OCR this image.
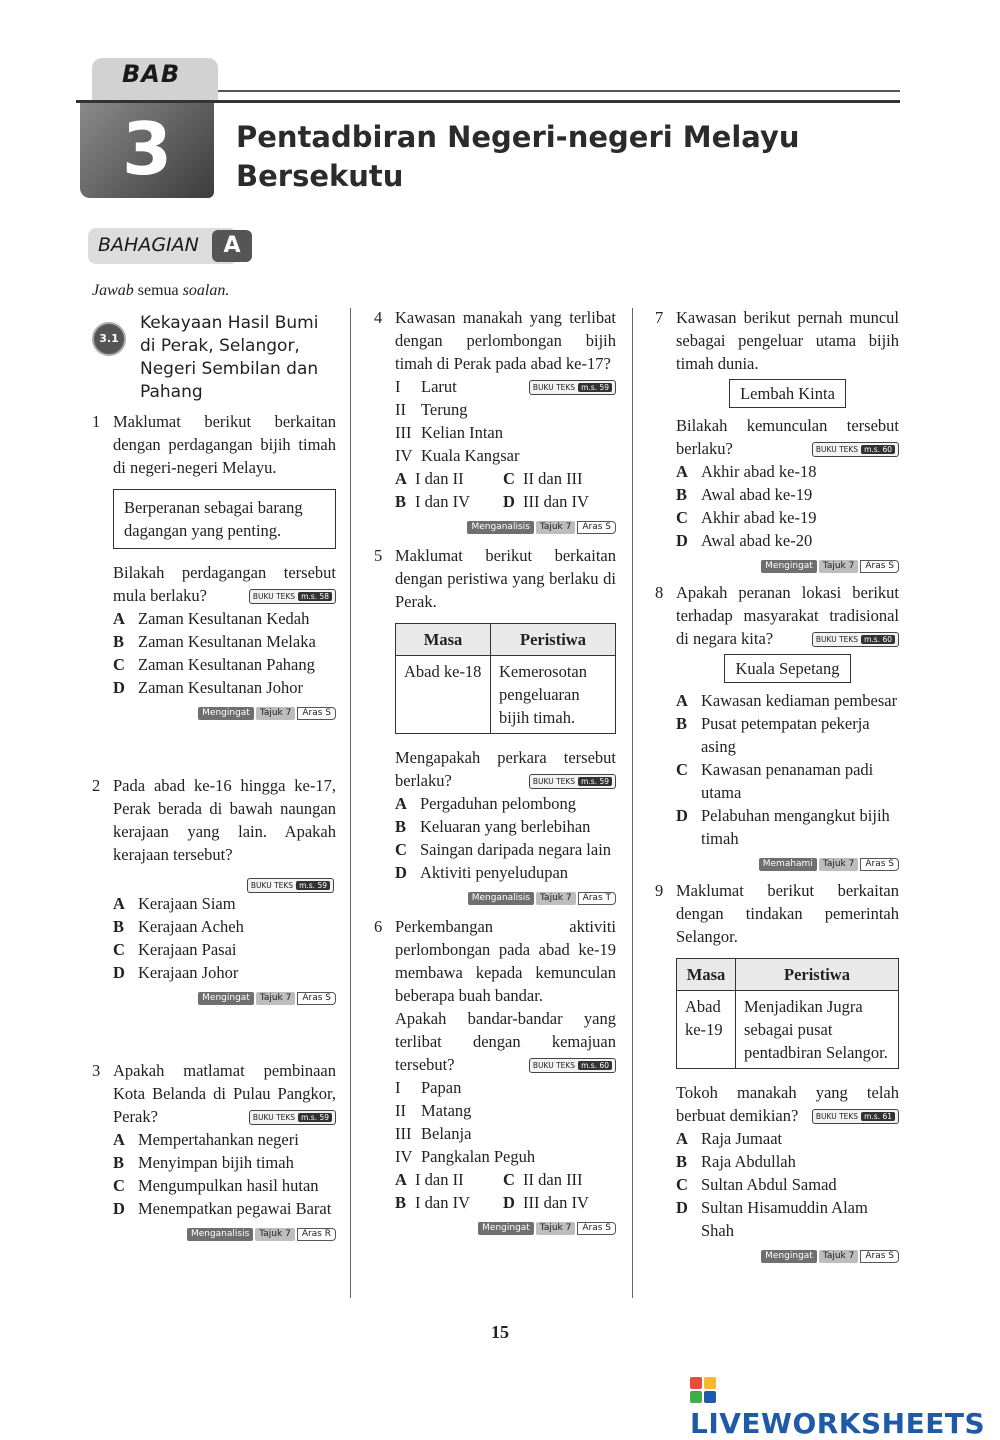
BAB
3	Pentadbiran Negeri-negeri Melayu
Bersekutu
BAHAGIAN	A
Jawab semua soalan.
3.1
Kekayaan Hasil Bumi di Perak, Selangor, Negeri Sembilan dan Pahang
1 Maklumat berikut berkaitan dengan perdagangan bijih timah di negeri-negeri Melayu.
Berperanan sebagai barang dagangan yang penting.
Bilakah perdagangan tersebut mula berlaku?	BUKU TEKS m.s. 58
A Zaman Kesultanan Kedah
B Zaman Kesultanan Melaka
C Zaman Kesultanan Pahang
D Zaman Kesultanan Johor
Mengingat Tajuk 7 Aras S
2 Pada abad ke-16 hingga ke-17, Perak berada di bawah naungan kerajaan yang lain. Apakah kerajaan tersebut?
BUKU TEKS m.s. 59
A Kerajaan Siam
B Kerajaan Acheh
C Kerajaan Pasai
D Kerajaan Johor
Mengingat Tajuk 7 Aras S
3 Apakah matlamat pembinaan Kota Belanda di Pulau Pangkor, Perak?	BUKU TEKS m.s. 59
A Mempertahankan negeri
B Menyimpan bijih timah
C Mengumpulkan hasil hutan
D Menempatkan pegawai Barat
Menganalisis Tajuk 7 Aras R
4 Kawasan manakah yang terlibat dengan perlombongan bijih timah di Perak pada abad ke-17?
BUKU TEKS m.s. 59
I	Larut
II Terung
III Kelian Intan
IV Kuala Kangsar
A I dan II C II dan III
B I dan IV D III dan IV
Menganalisis Tajuk 7 Aras S
5 Maklumat berikut berkaitan dengan peristiwa yang berlaku di Perak.
Masa	Peristiwa
Abad ke-18	Kemerosotan pengeluaran bijih timah.
Mengapakah perkara tersebut berlaku?	BUKU TEKS m.s. 59
A Pergaduhan pelombong
B Keluaran yang berlebihan
C Saingan daripada negara lain
D Aktiviti penyeludupan
Menganalisis Tajuk 7 Aras T
6 Perkembangan aktiviti perlombongan pada abad ke-19 membawa kepada kemunculan beberapa buah bandar.
Apakah bandar-bandar yang terlibat dengan kemajuan tersebut?	BUKU TEKS m.s. 60
I	Papan
II Matang
III Belanja
IV Pangkalan Peguh
A I dan II C II dan III
B I dan IV D III dan IV
Mengingat Tajuk 7 Aras S
7 Kawasan berikut pernah muncul sebagai pengeluar utama bijih timah dunia.
Lembah Kinta
Bilakah kemunculan tersebut berlaku?	BUKU TEKS m.s. 60
A Akhir abad ke-18
B Awal abad ke-19
C Akhir abad ke-19
D Awal abad ke-20
Mengingat Tajuk 7 Aras S
8 Apakah peranan lokasi berikut terhadap masyarakat tradisional di negara kita?	BUKU TEKS m.s. 60
Kuala Sepetang
A Kawasan kediaman pembesar
B Pusat petempatan pekerja asing
C Kawasan penanaman padi utama
D Pelabuhan mengangkut bijih timah
Memahami Tajuk 7 Aras S
9 Maklumat berikut berkaitan dengan tindakan pemerintah Selangor.
Masa	Peristiwa
Abad ke-19	Menjadikan Jugra sebagai pusat pentadbiran Selangor.
Tokoh manakah yang telah berbuat demikian?	BUKU TEKS m.s. 61
A Raja Jumaat
B Raja Abdullah
C Sultan Abdul Samad
D Sultan Hisamuddin Alam Shah
Mengingat Tajuk 7 Aras S
15
LIVEWORKSHEETS
